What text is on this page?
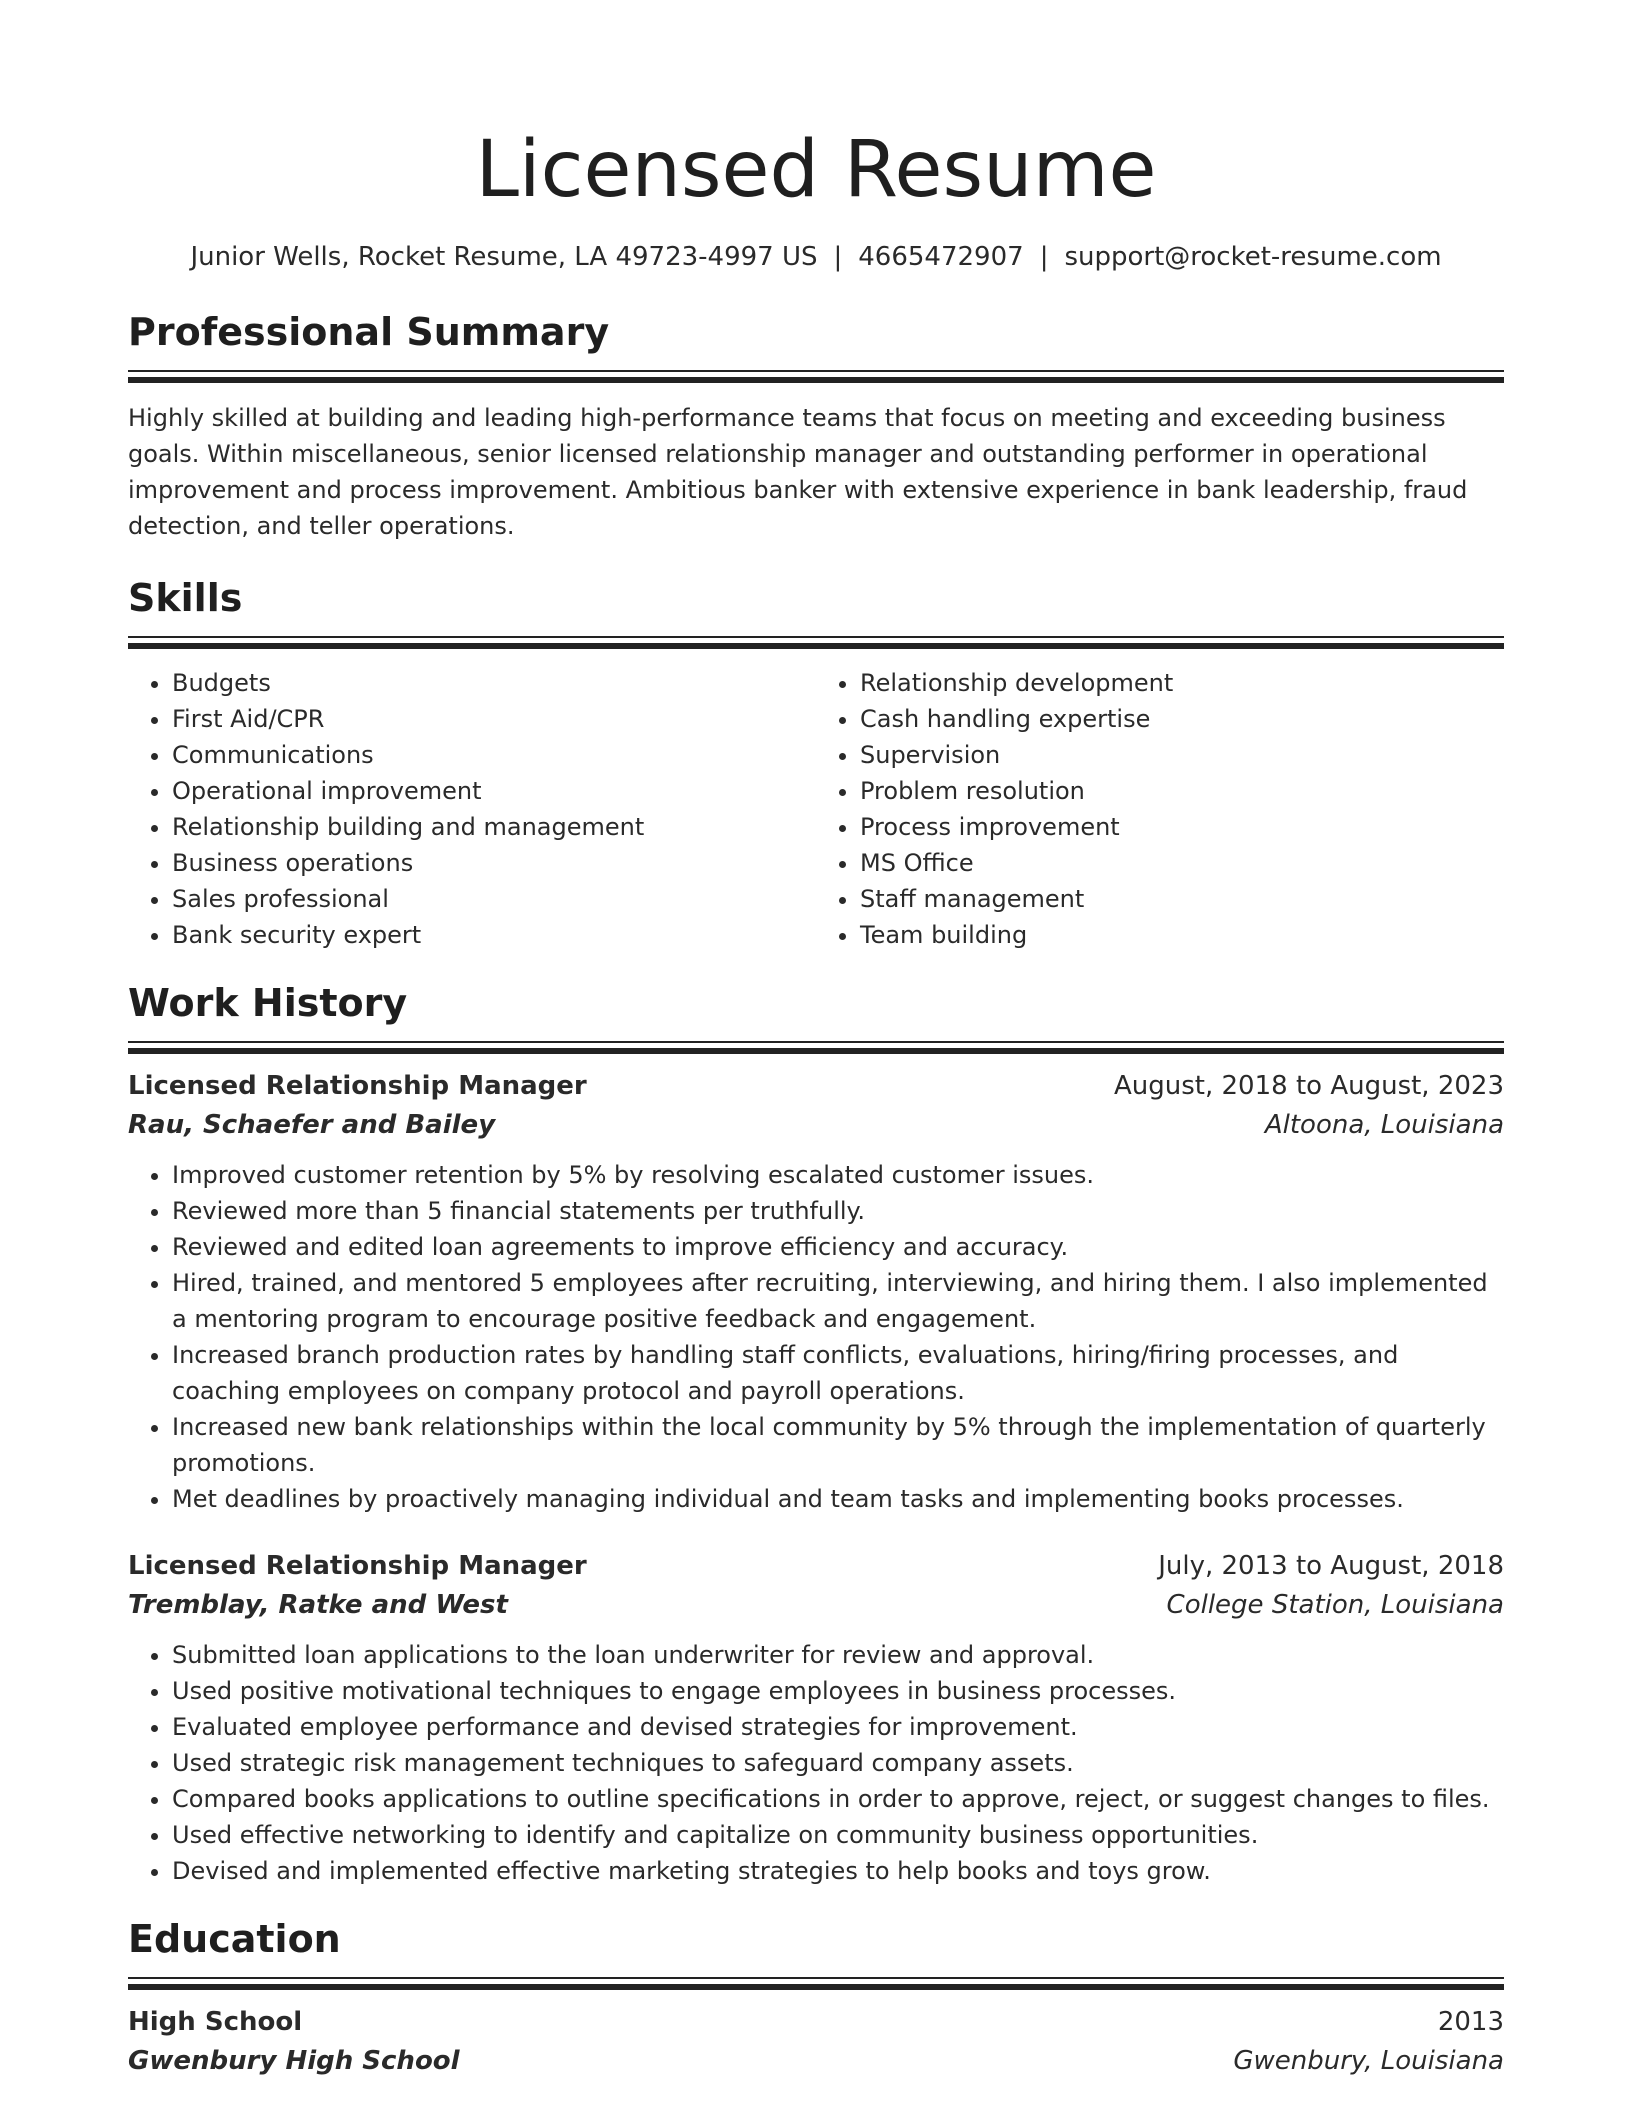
Licensed Resume
Junior Wells, Rocket Resume, LA 49723-4997 US | 4665472907 | support@rocket-resume.com
Professional Summary

Highly skilled at building and leading high-performance teams that focus on meeting and exceeding business goals. Within miscellaneous, senior licensed relationship manager and outstanding performer in operational improvement and process improvement. Ambitious banker with extensive experience in bank leadership, fraud detection, and teller operations.

Skills
• Budgets
• First Aid/CPR
• Communications
• Operational improvement
• Relationship building and management
• Business operations
• Sales professional
• Bank security expert
• Relationship development
• Cash handling expertise
• Supervision
• Problem resolution
• Process improvement
• MS Office
• Staff management
• Team building
Work History
Licensed Relationship Manager	August, 2018 to August, 2023
Rau, Schaefer and Bailey	Altoona, Louisiana
• Improved customer retention by 5% by resolving escalated customer issues.
• Reviewed more than 5 financial statements per truthfully.
• Reviewed and edited loan agreements to improve efficiency and accuracy.
• Hired, trained, and mentored 5 employees after recruiting, interviewing, and hiring them. I also implemented a mentoring program to encourage positive feedback and engagement.
• Increased branch production rates by handling staff conflicts, evaluations, hiring/firing processes, and coaching employees on company protocol and payroll operations.
• Increased new bank relationships within the local community by 5% through the implementation of quarterly promotions.
• Met deadlines by proactively managing individual and team tasks and implementing books processes.
Licensed Relationship Manager	July, 2013 to August, 2018
Tremblay, Ratke and West	College Station, Louisiana
• Submitted loan applications to the loan underwriter for review and approval.
• Used positive motivational techniques to engage employees in business processes.
• Evaluated employee performance and devised strategies for improvement.
• Used strategic risk management techniques to safeguard company assets.
• Compared books applications to outline specifications in order to approve, reject, or suggest changes to files.
• Used effective networking to identify and capitalize on community business opportunities.
• Devised and implemented effective marketing strategies to help books and toys grow.
Education
High School	2013
Gwenbury High School	Gwenbury, Louisiana
